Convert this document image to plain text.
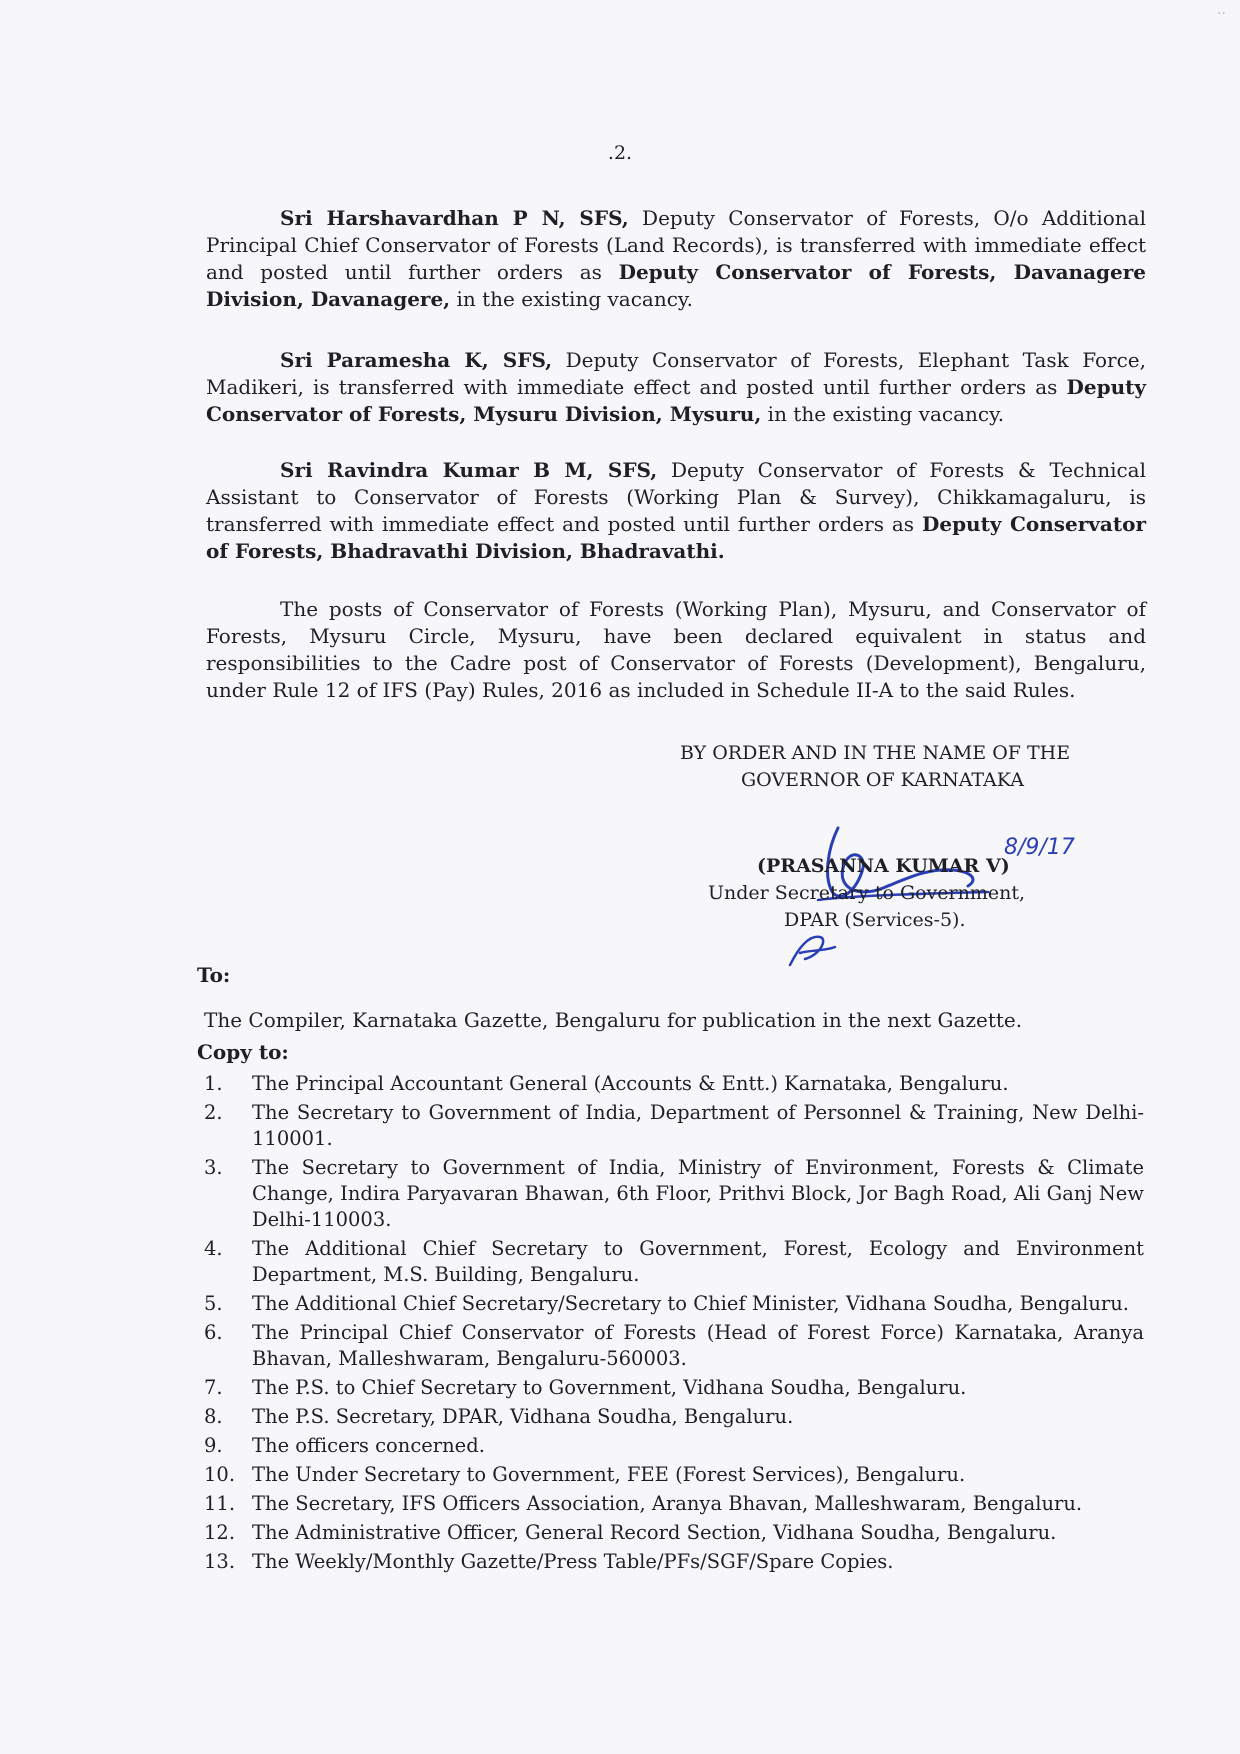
.2.
Sri Harshavardhan P N, SFS, Deputy Conservator of Forests, O/o Additional Principal Chief Conservator of Forests (Land Records), is transferred with immediate effect and posted until further orders as Deputy Conservator of Forests, Davanagere Division, Davanagere, in the existing vacancy.
Sri Paramesha K, SFS, Deputy Conservator of Forests, Elephant Task Force, Madikeri, is transferred with immediate effect and posted until further orders as Deputy Conservator of Forests, Mysuru Division, Mysuru, in the existing vacancy.
Sri Ravindra Kumar B M, SFS, Deputy Conservator of Forests & Technical Assistant to Conservator of Forests (Working Plan & Survey), Chikkamagaluru, is transferred with immediate effect and posted until further orders as Deputy Conservator of Forests, Bhadravathi Division, Bhadravathi.
The posts of Conservator of Forests (Working Plan), Mysuru, and Conservator of Forests, Mysuru Circle, Mysuru, have been declared equivalent in status and responsibilities to the Cadre post of Conservator of Forests (Development), Bengaluru, under Rule 12 of IFS (Pay) Rules, 2016 as included in Schedule II-A to the said Rules.
BY ORDER AND IN THE NAME OF THE
GOVERNOR OF KARNATAKA
8/9/17
(PRASANNA KUMAR V)
Under Secretary to Government,
DPAR (Services-5).
To:
The Compiler, Karnataka Gazette, Bengaluru for publication in the next Gazette.
Copy to:
1.	The Principal Accountant General (Accounts & Entt.) Karnataka, Bengaluru.
2.	The Secretary to Government of India, Department of Personnel & Training, New Delhi-110001.
3.	The Secretary to Government of India, Ministry of Environment, Forests & Climate Change, Indira Paryavaran Bhawan, 6th Floor, Prithvi Block, Jor Bagh Road, Ali Ganj New Delhi-110003.
4.	The Additional Chief Secretary to Government, Forest, Ecology and Environment Department, M.S. Building, Bengaluru.
5.	The Additional Chief Secretary/Secretary to Chief Minister, Vidhana Soudha, Bengaluru.
6.	The Principal Chief Conservator of Forests (Head of Forest Force) Karnataka, Aranya Bhavan, Malleshwaram, Bengaluru-560003.
7.	The P.S. to Chief Secretary to Government, Vidhana Soudha, Bengaluru.
8.	The P.S. Secretary, DPAR, Vidhana Soudha, Bengaluru.
9.	The officers concerned.
10. The Under Secretary to Government, FEE (Forest Services), Bengaluru.
11. The Secretary, IFS Officers Association, Aranya Bhavan, Malleshwaram, Bengaluru.
12. The Administrative Officer, General Record Section, Vidhana Soudha, Bengaluru.
13. The Weekly/Monthly Gazette/Press Table/PFs/SGF/Spare Copies.
··
